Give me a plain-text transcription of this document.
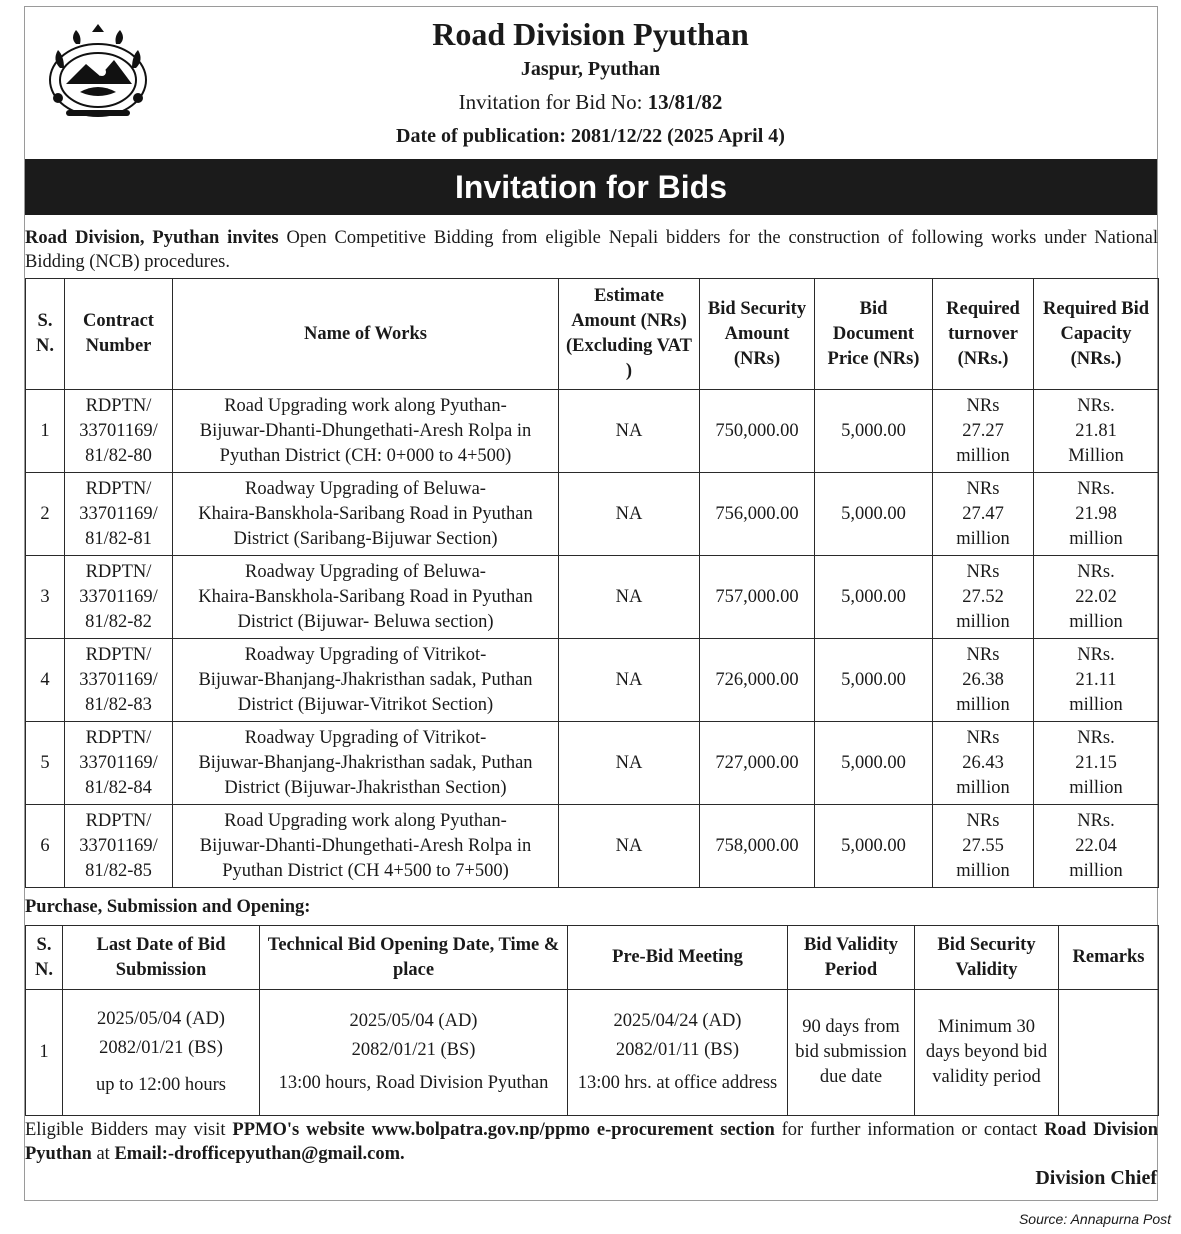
Road Division Pyuthan
Jaspur, Pyuthan
Invitation for Bid No: 13/81/82
Date of publication: 2081/12/22 (2025 April 4)
Invitation for Bids
Road Division, Pyuthan invites Open Competitive Bidding from eligible Nepali bidders for the construction of following works under National Bidding (NCB) procedures.
S. N.	Contract Number	Name of Works	Estimate Amount (NRs) (Excluding VAT )	Bid Security Amount (NRs)	Bid Document Price (NRs)	Required turnover (NRs.)	Required Bid Capacity (NRs.)
1	RDPTN/
33701169/
81/82-80	Road Upgrading work along Pyuthan-
Bijuwar-Dhanti-Dhungethati-Aresh Rolpa in
Pyuthan District (CH: 0+000 to 4+500)	NA	750,000.00	5,000.00	NRs
27.27
million	NRs.
21.81
Million

2	RDPTN/
33701169/
81/82-81	Roadway Upgrading of Beluwa-
Khaira-Banskhola-Saribang Road in Pyuthan
District (Saribang-Bijuwar Section)	NA	756,000.00	5,000.00	NRs
27.47
million	NRs.
21.98
million

3	RDPTN/
33701169/
81/82-82	Roadway Upgrading of Beluwa-
Khaira-Banskhola-Saribang Road in Pyuthan
District (Bijuwar- Beluwa section)	NA	757,000.00	5,000.00	NRs
27.52
million	NRs.
22.02
million

4	RDPTN/
33701169/
81/82-83	Roadway Upgrading of Vitrikot-
Bijuwar-Bhanjang-Jhakristhan sadak, Puthan
District (Bijuwar-Vitrikot Section)	NA	726,000.00	5,000.00	NRs
26.38
million	NRs.
21.11
million

5	RDPTN/
33701169/
81/82-84	Roadway Upgrading of Vitrikot-
Bijuwar-Bhanjang-Jhakristhan sadak, Puthan
District (Bijuwar-Jhakristhan Section)	NA	727,000.00	5,000.00	NRs
26.43
million	NRs.
21.15
million

6	RDPTN/
33701169/
81/82-85	Road Upgrading work along Pyuthan-
Bijuwar-Dhanti-Dhungethati-Aresh Rolpa in
Pyuthan District (CH 4+500 to 7+500)	NA	758,000.00	5,000.00	NRs
27.55
million	NRs.
22.04
million
Purchase, Submission and Opening:
S. N.	Last Date of Bid Submission	Technical Bid Opening Date, Time & place	Pre-Bid Meeting	Bid Validity Period	Bid Security Validity	Remarks
1	2025/05/04 (AD)
2082/01/21 (BS)
up to 12:00 hours	2025/05/04 (AD)
2082/01/21 (BS)
13:00 hours, Road Division Pyuthan	2025/04/24 (AD)
2082/01/11 (BS)
13:00 hrs. at office address	90 days from bid submission due date	Minimum 30 days beyond bid validity period	
Eligible Bidders may visit PPMO's website www.bolpatra.gov.np/ppmo e-procurement section for further information or contact Road Division Pyuthan at Email:-drofficepyuthan@gmail.com.
Division Chief
Source: Annapurna Post
